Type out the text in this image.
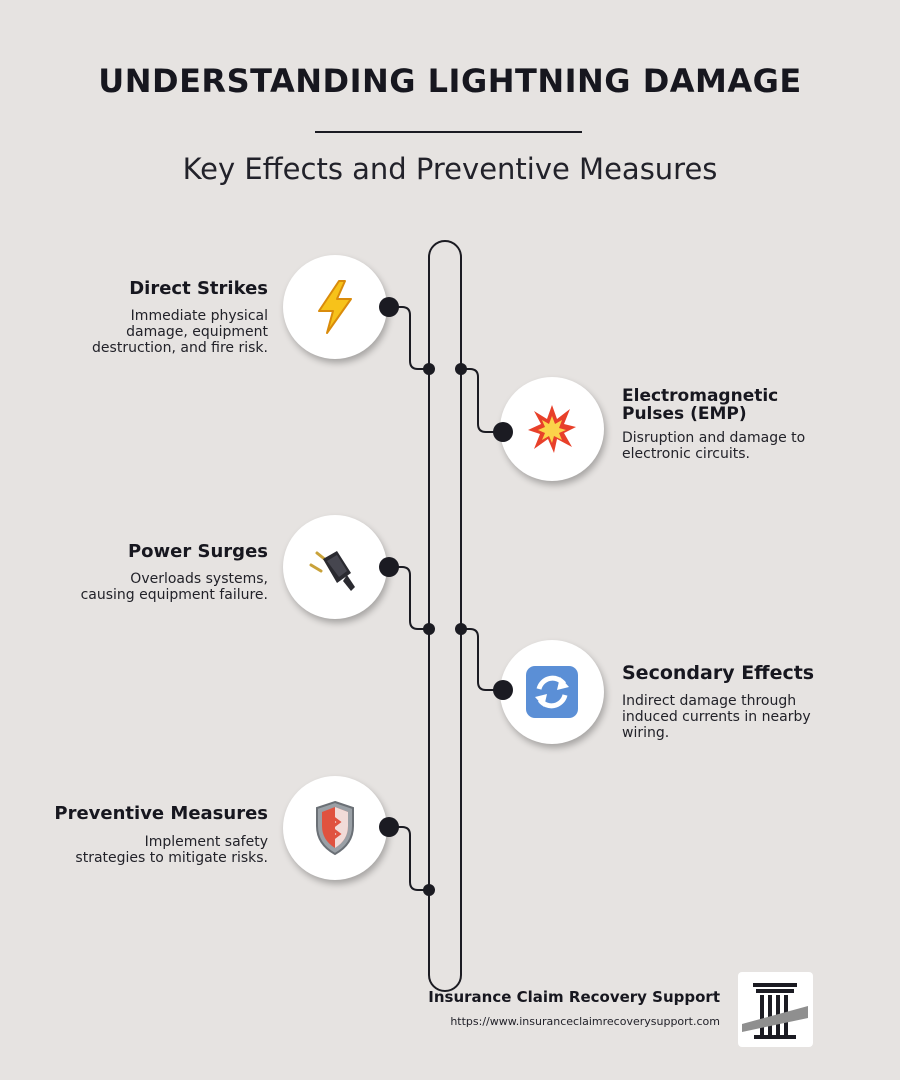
UNDERSTANDING LIGHTNING DAMAGE
Key Effects and Preventive Measures
Direct Strikes
Immediate physical
damage, equipment
destruction, and fire risk.
Electromagnetic
Pulses (EMP)
Disruption and damage to
electronic circuits.
Power Surges
Overloads systems,
causing equipment failure.
Secondary Effects
Indirect damage through
induced currents in nearby
wiring.
Preventive Measures
Implement safety
strategies to mitigate risks.
Insurance Claim Recovery Support
https://www.insuranceclaimrecoverysupport.com
